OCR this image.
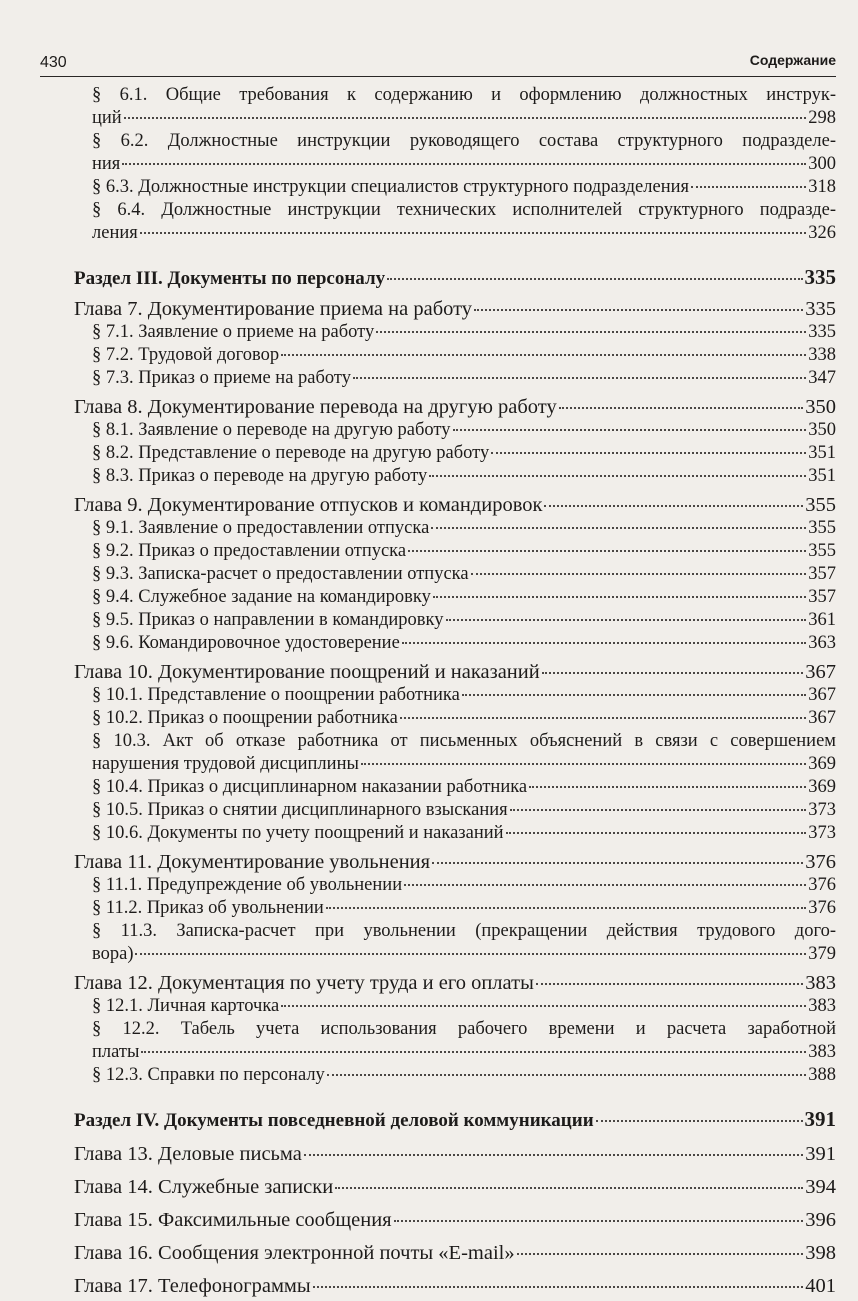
430	Содержание
§ 6.1. Общие требования к содержанию и оформлению должностных инструк-
ций	298
§ 6.2. Должностные инструкции руководящего состава структурного подразделе-
ния	300
§ 6.3. Должностные инструкции специалистов структурного подразделения	318
§ 6.4. Должностные инструкции технических исполнителей структурного подразде-
ления	326
Раздел III. Документы по персоналу	335
Глава 7. Документирование приема на работу	335
§ 7.1. Заявление о приеме на работу	335
§ 7.2. Трудовой договор	338
§ 7.3. Приказ о приеме на работу	347
Глава 8. Документирование перевода на другую работу	350
§ 8.1. Заявление о переводе на другую работу	350
§ 8.2. Представление о переводе на другую работу	351
§ 8.3. Приказ о переводе на другую работу	351
Глава 9. Документирование отпусков и командировок	355
§ 9.1. Заявление о предоставлении отпуска	355
§ 9.2. Приказ о предоставлении отпуска	355
§ 9.3. Записка-расчет о предоставлении отпуска	357
§ 9.4. Служебное задание на командировку	357
§ 9.5. Приказ о направлении в командировку	361
§ 9.6. Командировочное удостоверение	363
Глава 10. Документирование поощрений и наказаний	367
§ 10.1. Представление о поощрении работника	367
§ 10.2. Приказ о поощрении работника	367
§ 10.3. Акт об отказе работника от письменных объяснений в связи с совершением
нарушения трудовой дисциплины	369
§ 10.4. Приказ о дисциплинарном наказании работника	369
§ 10.5. Приказ о снятии дисциплинарного взыскания	373
§ 10.6. Документы по учету поощрений и наказаний	373
Глава 11. Документирование увольнения	376
§ 11.1. Предупреждение об увольнении	376
§ 11.2. Приказ об увольнении	376
§ 11.3. Записка-расчет при увольнении (прекращении действия трудового дого-
вора)	379
Глава 12. Документация по учету труда и его оплаты	383
§ 12.1. Личная карточка	383
§ 12.2. Табель учета использования рабочего времени и расчета заработной
платы	383
§ 12.3. Справки по персоналу	388
Раздел IV. Документы повседневной деловой коммуникации	391
Глава 13. Деловые письма	391
Глава 14. Служебные записки	394
Глава 15. Факсимильные сообщения	396
Глава 16. Сообщения электронной почты «E-mail»	398
Глава 17. Телефонограммы	401
